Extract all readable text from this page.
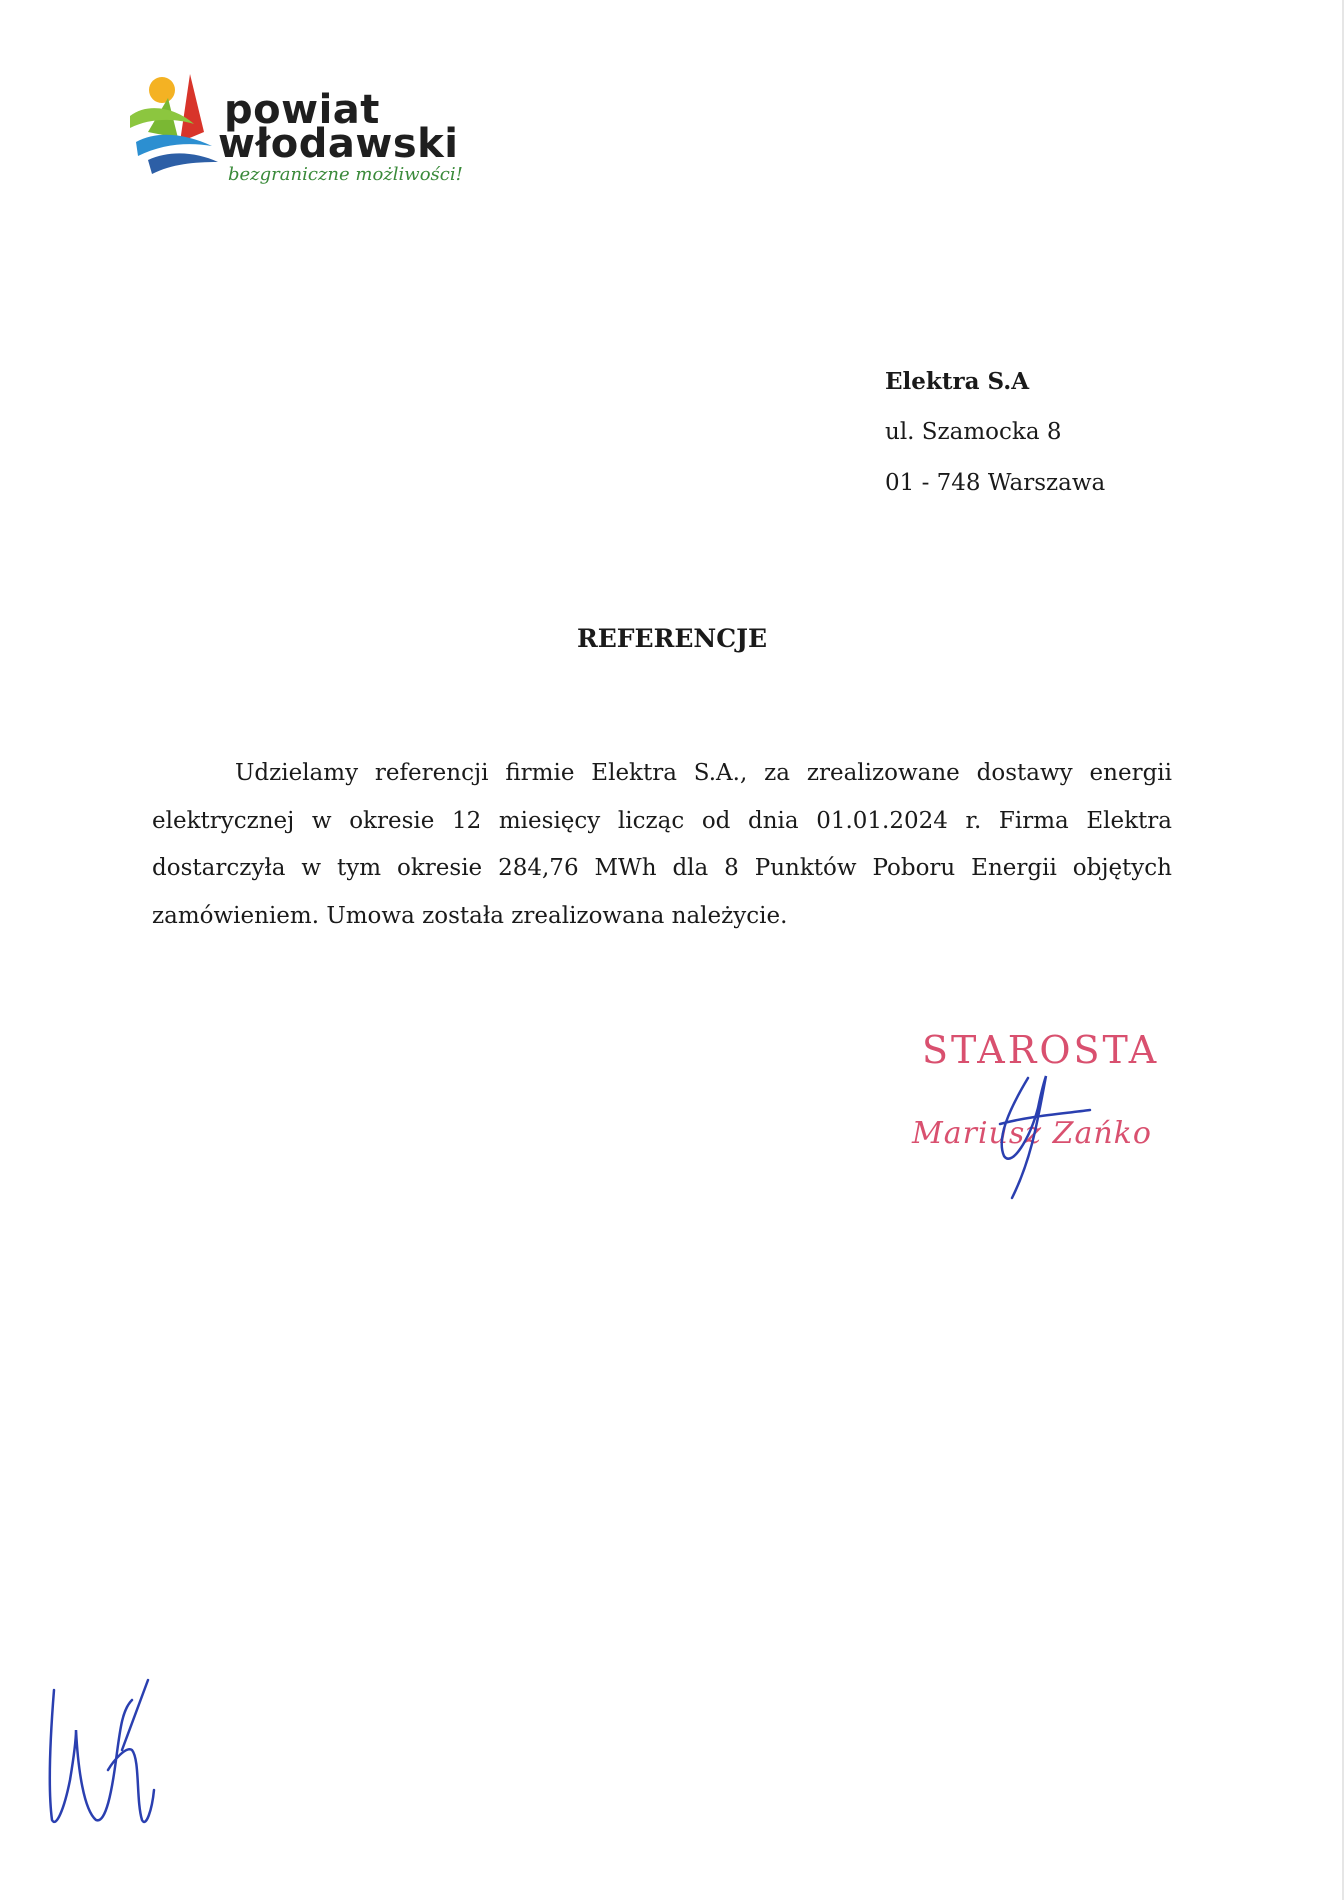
powiat
włodawski
bezgraniczne możliwości!
Elektra S.A
ul. Szamocka 8
01 - 748 Warszawa
REFERENCJE

Udzielamy referencji firmie Elektra S.A., za zrealizowane dostawy energii elektrycznej w okresie 12 miesięcy licząc od dnia 01.01.2024 r. Firma Elektra dostarczyła w tym okresie 284,76 MWh dla 8 Punktów Poboru Energii objętych zamówieniem. Umowa została zrealizowana należycie.

STAROSTA
Mariusz Zańko
